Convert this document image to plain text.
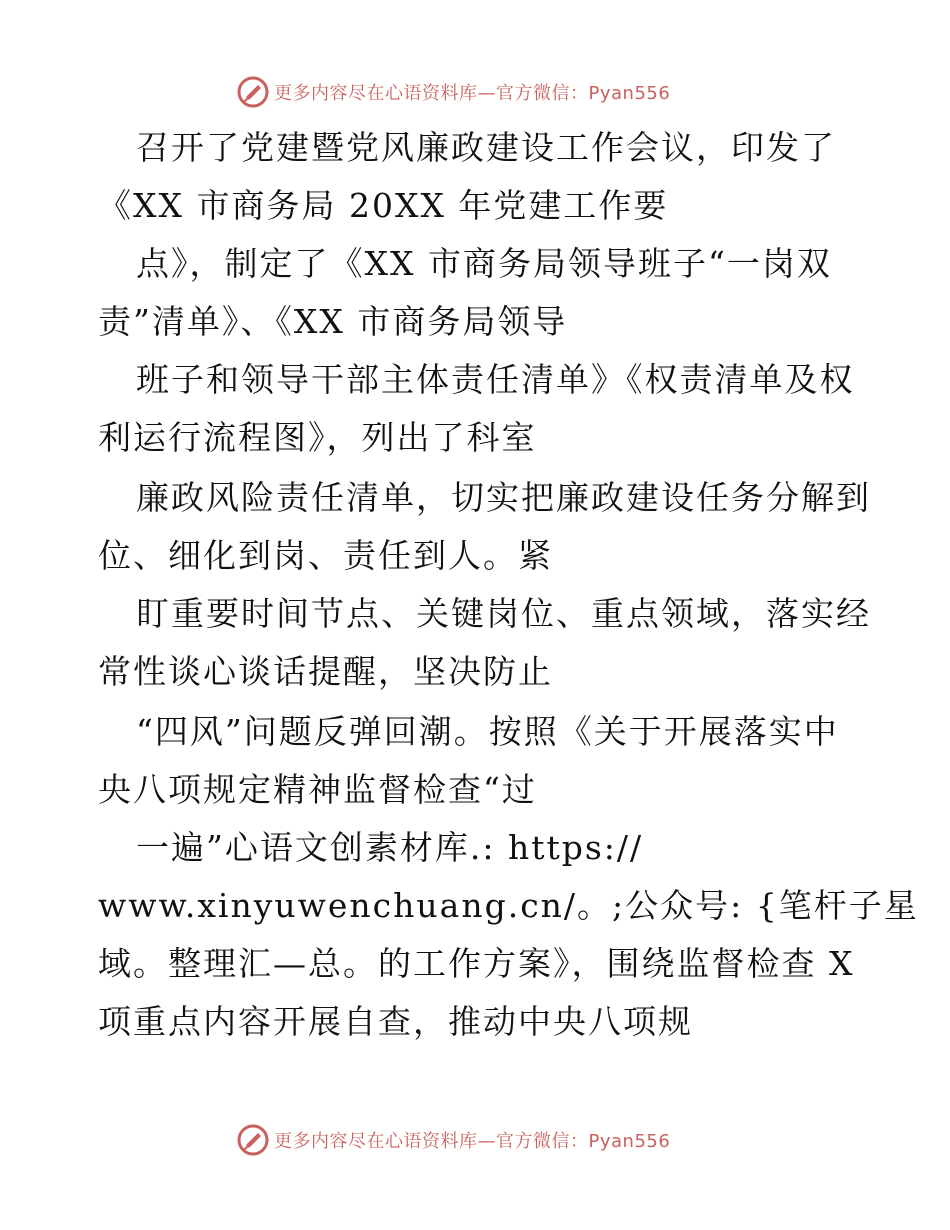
更多内容尽在心语资料库—官方微信：Pyan556
召开了党建暨党风廉政建设工作会议，印发了
《XX 市商务局 20XX 年党建工作要
点》，制定了《XX 市商务局领导班子“一岗双
责”清单》、《XX 市商务局领导
班子和领导干部主体责任清单》《权责清单及权
利运行流程图》，列出了科室
廉政风险责任清单，切实把廉政建设任务分解到
位、细化到岗、责任到人。紧
盯重要时间节点、关键岗位、重点领域，落实经
常性谈心谈话提醒，坚决防止
“四风”问题反弹回潮。按照《关于开展落实中
央八项规定精神监督检查“过
一遍”心语文创素材库.: https://
www.xinyuwenchuang.cn/。;公众号: {笔杆子星
域。整理汇—总。的工作方案》，围绕监督检查 X
项重点内容开展自查，推动中央八项规
更多内容尽在心语资料库—官方微信：Pyan556
